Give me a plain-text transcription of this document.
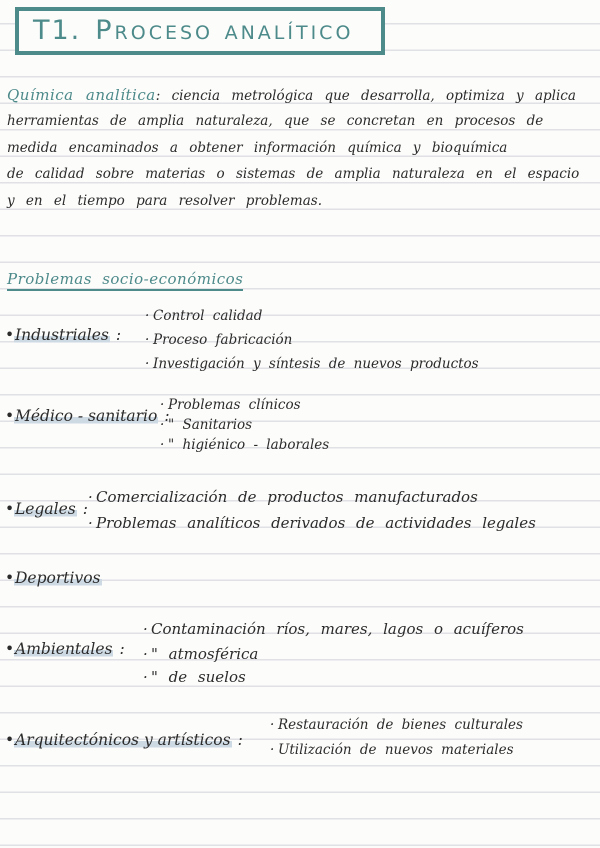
T1. Proceso analítico
Química analítica: ciencia metrológica que desarrolla, optimiza y aplica
herramientas de amplia naturaleza, que se concretan en procesos de
medida encaminados a obtener información química y bioquímica
de calidad sobre materias o sistemas de amplia naturaleza en el espacio
y en el tiempo para resolver problemas.
Problemas socio-económicos
•Industriales :
· Control calidad
· Proceso fabricación
· Investigación y síntesis de nuevos productos
•Médico - sanitario :
· Problemas clínicos
· " Sanitarios
· " higiénico - laborales
•Legales :
· Comercialización de productos manufacturados
· Problemas analíticos derivados de actividades legales
•Deportivos
•Ambientales :
· Contaminación ríos, mares, lagos o acuíferos
· " atmosférica
· " de suelos
•Arquitectónicos y artísticos :
· Restauración de bienes culturales
· Utilización de nuevos materiales
